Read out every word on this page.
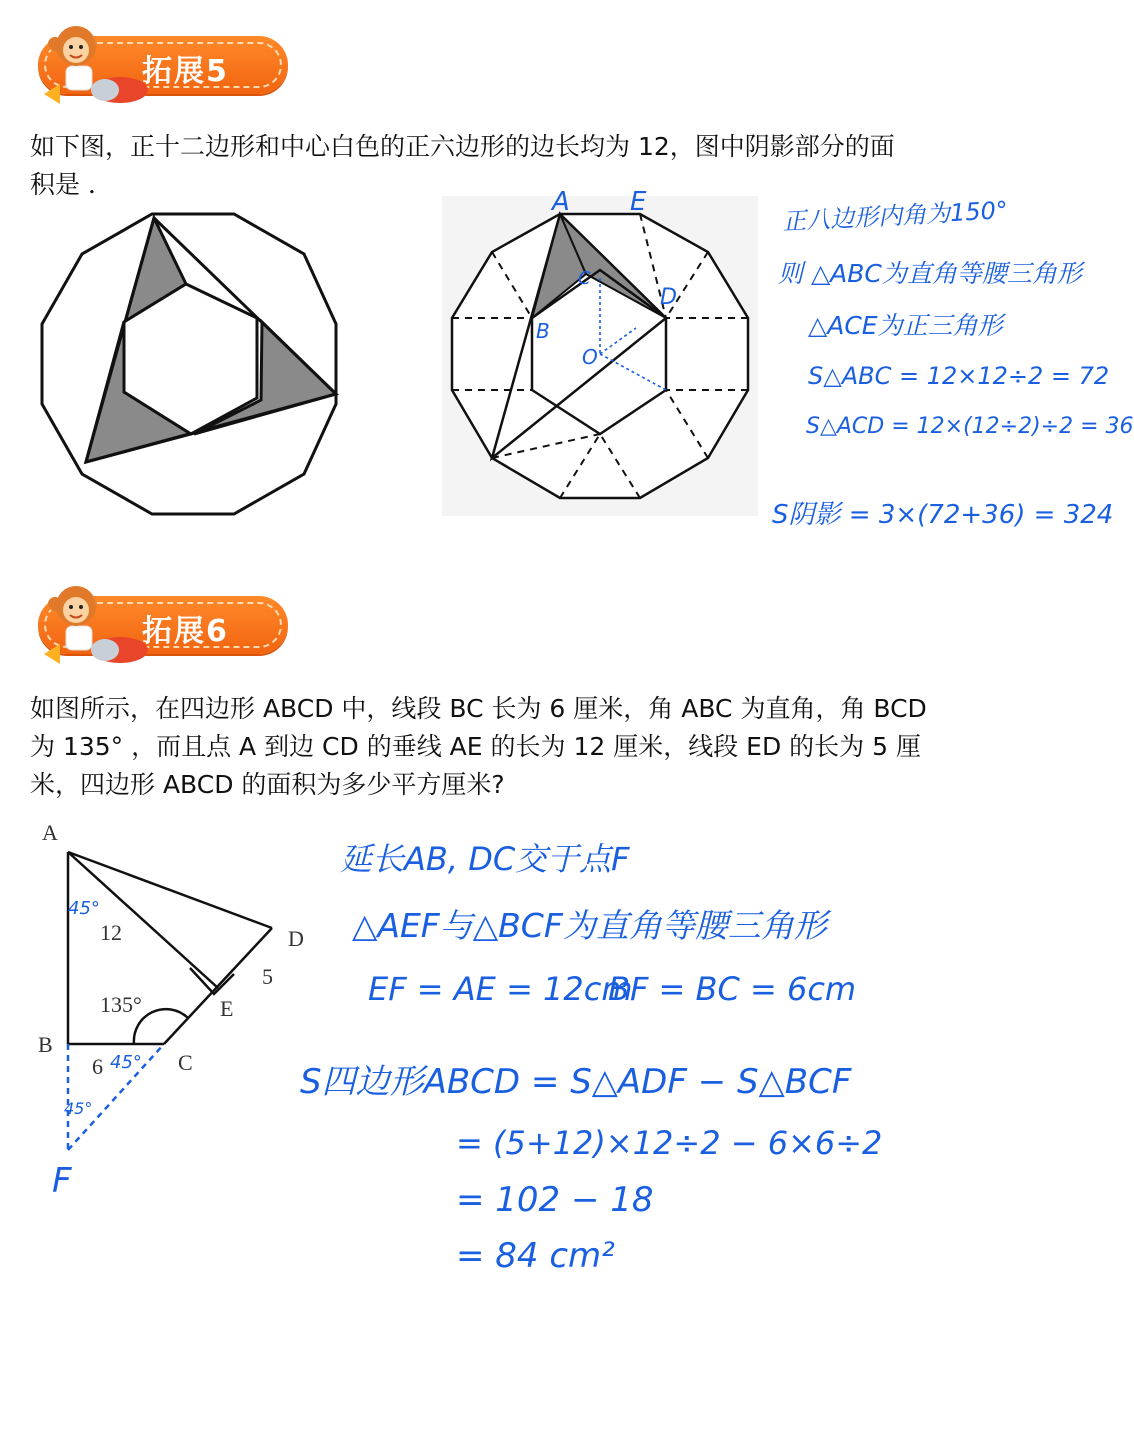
拓展5
如下图，正十二边形和中心白色的正六边形的边长均为 12，图中阴影部分的面
积是 ．
A E
C
D
B
O
正八边形内角为150°
则 △ABC为直角等腰三角形
△ACE为正三角形
S△ABC = 12×12÷2 = 72
S△ACD = 12×(12÷2)÷2 = 36
S阴影 = 3×(72+36) = 324
拓展6
如图所示，在四边形 ABCD 中，线段 BC 长为 6 厘米，角 ABC 为直角，角 BCD
为 135° ，而且点 A 到边 CD 的垂线 AE 的长为 12 厘米，线段 ED 的长为 5 厘
米，四边形 ABCD 的面积为多少平方厘米?
A
D
E
B
C
12
5
135°
6
45°
45°
45°
F
延长AB, DC交于点F
△AEF与△BCF为直角等腰三角形
EF = AE = 12cm
BF = BC = 6cm
S四边形ABCD = S△ADF − S△BCF
= (5+12)×12÷2 − 6×6÷2
= 102 − 18
= 84 cm²
